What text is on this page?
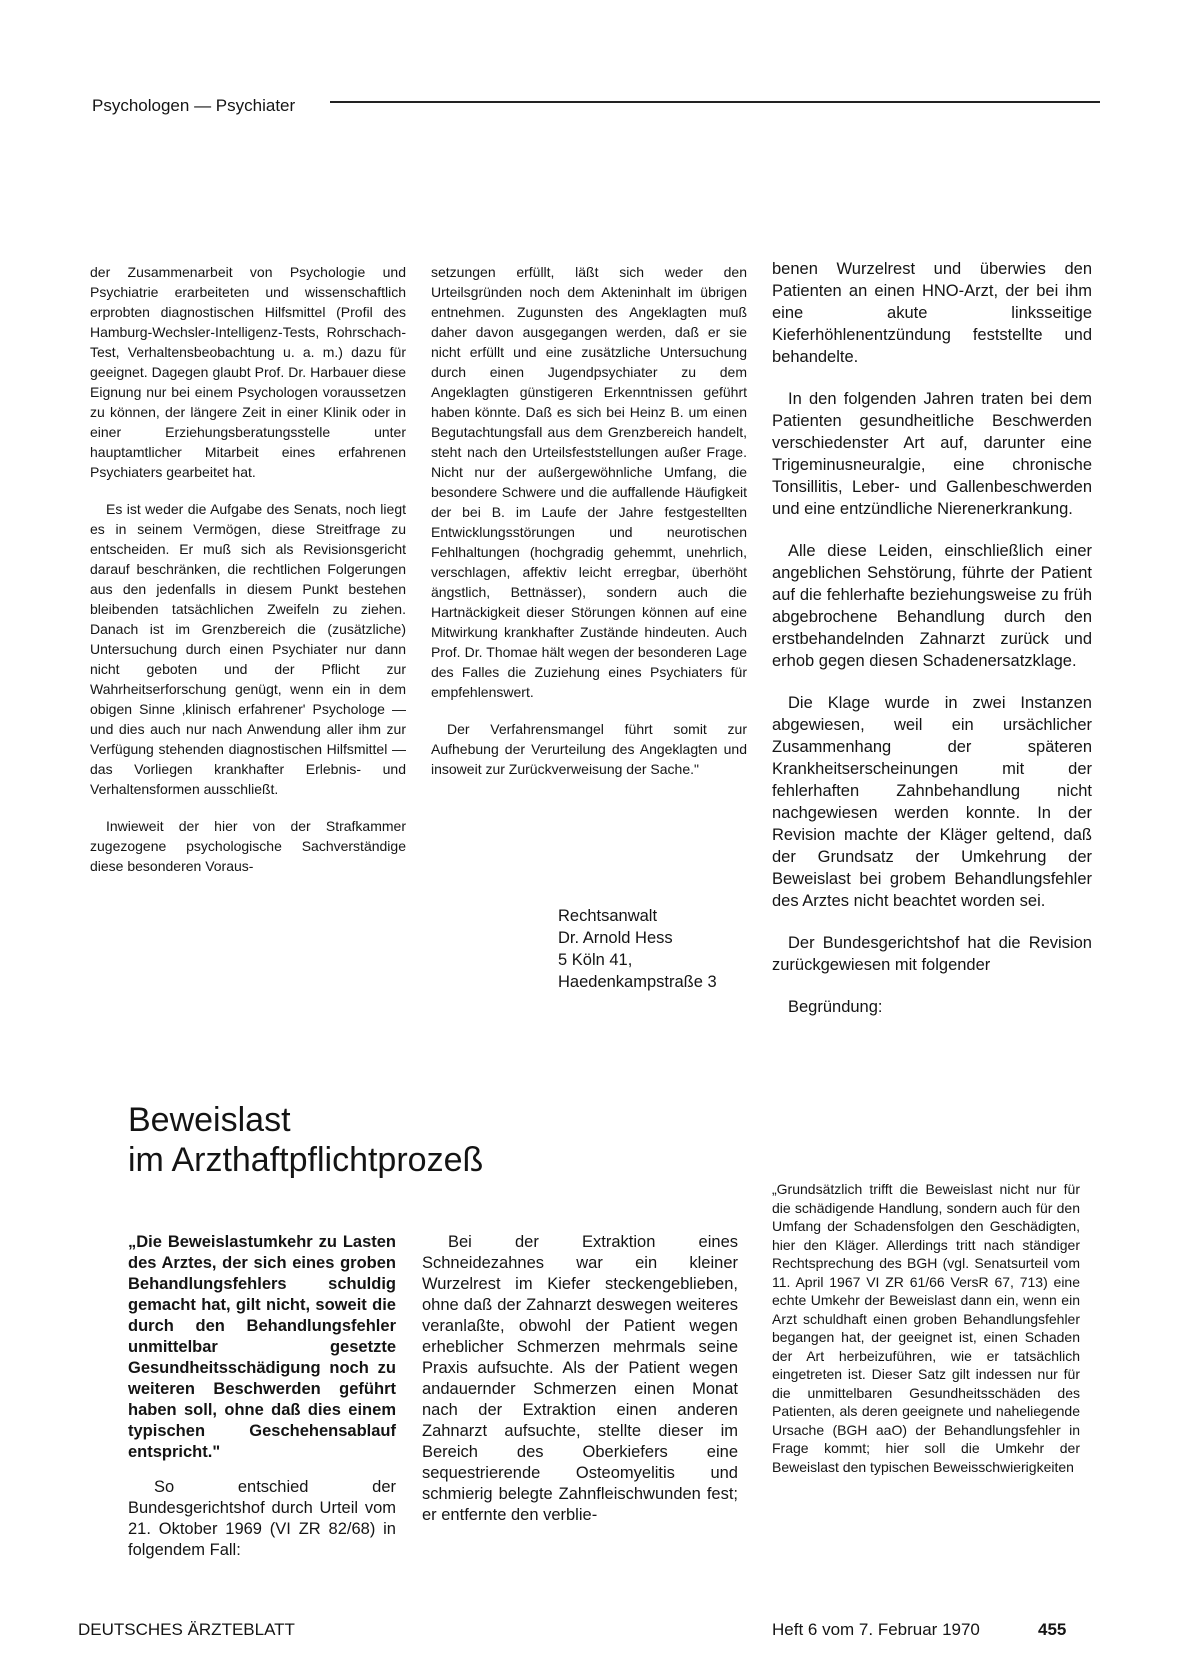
Psychologen — Psychiater

der Zusammenarbeit von Psychologie und Psychiatrie erarbeiteten und wissenschaftlich erprobten diagnostischen Hilfsmittel (Profil des Hamburg-Wechsler-Intelligenz-Tests, Rohrschach-Test, Verhaltensbeobachtung u. a. m.) dazu für geeignet. Dagegen glaubt Prof. Dr. Harbauer diese Eignung nur bei einem Psychologen voraussetzen zu können, der längere Zeit in einer Klinik oder in einer Erziehungsberatungsstelle unter hauptamtlicher Mitarbeit eines erfahrenen Psychiaters gearbeitet hat.

Es ist weder die Aufgabe des Senats, noch liegt es in seinem Vermögen, diese Streitfrage zu entscheiden. Er muß sich als Revisionsgericht darauf beschränken, die rechtlichen Folgerungen aus den jedenfalls in diesem Punkt bestehen bleibenden tatsächlichen Zweifeln zu ziehen. Danach ist im Grenzbereich die (zusätzliche) Untersuchung durch einen Psychiater nur dann nicht geboten und der Pflicht zur Wahrheitserforschung genügt, wenn ein in dem obigen Sinne ‚klinisch erfahrener' Psychologe — und dies auch nur nach Anwendung aller ihm zur Verfügung stehenden diagnostischen Hilfsmittel — das Vorliegen krankhafter Erlebnis- und Verhaltensformen ausschließt.

Inwieweit der hier von der Strafkammer zugezogene psychologische Sachverständige diese besonderen Voraus-

setzungen erfüllt, läßt sich weder den Urteilsgründen noch dem Akteninhalt im übrigen entnehmen. Zugunsten des Angeklagten muß daher davon ausgegangen werden, daß er sie nicht erfüllt und eine zusätzliche Untersuchung durch einen Jugendpsychiater zu dem Angeklagten günstigeren Erkenntnissen geführt haben könnte. Daß es sich bei Heinz B. um einen Begutachtungsfall aus dem Grenzbereich handelt, steht nach den Urteilsfeststellungen außer Frage. Nicht nur der außergewöhnliche Umfang, die besondere Schwere und die auffallende Häufigkeit der bei B. im Laufe der Jahre festgestellten Entwicklungsstörungen und neurotischen Fehlhaltungen (hochgradig gehemmt, unehrlich, verschlagen, affektiv leicht erregbar, überhöht ängstlich, Bettnässer), sondern auch die Hartnäckigkeit dieser Störungen können auf eine Mitwirkung krankhafter Zustände hindeuten. Auch Prof. Dr. Thomae hält wegen der besonderen Lage des Falles die Zuziehung eines Psychiaters für empfehlenswert.

Der Verfahrensmangel führt somit zur Aufhebung der Verurteilung des Angeklagten und insoweit zur Zurückverweisung der Sache."

Rechtsanwalt
Dr. Arnold Hess
5 Köln 41,
Haedenkampstraße 3

benen Wurzelrest und überwies den Patienten an einen HNO-Arzt, der bei ihm eine akute linksseitige Kieferhöhlenentzündung feststellte und behandelte.

In den folgenden Jahren traten bei dem Patienten gesundheitliche Beschwerden verschiedenster Art auf, darunter eine Trigeminusneuralgie, eine chronische Tonsillitis, Leber- und Gallenbeschwerden und eine entzündliche Nierenerkrankung.

Alle diese Leiden, einschließlich einer angeblichen Sehstörung, führte der Patient auf die fehlerhafte beziehungsweise zu früh abgebrochene Behandlung durch den erstbehandelnden Zahnarzt zurück und erhob gegen diesen Schadenersatzklage.

Die Klage wurde in zwei Instanzen abgewiesen, weil ein ursächlicher Zusammenhang der späteren Krankheitserscheinungen mit der fehlerhaften Zahnbehandlung nicht nachgewiesen werden konnte. In der Revision machte der Kläger geltend, daß der Grundsatz der Umkehrung der Beweislast bei grobem Behandlungsfehler des Arztes nicht beachtet worden sei.

Der Bundesgerichtshof hat die Revision zurückgewiesen mit folgender

Begründung:

Beweislast
im Arzthaftpflichtprozeß

„Die Beweislastumkehr zu Lasten des Arztes, der sich eines groben Behandlungsfehlers schuldig gemacht hat, gilt nicht, soweit die durch den Behandlungsfehler unmittelbar gesetzte Gesundheitsschädigung noch zu weiteren Beschwerden geführt haben soll, ohne daß dies einem typischen Geschehensablauf entspricht."

So entschied der Bundesgerichtshof durch Urteil vom 21. Oktober 1969 (VI ZR 82/68) in folgendem Fall:

Bei der Extraktion eines Schneidezahnes war ein kleiner Wurzelrest im Kiefer steckengeblieben, ohne daß der Zahnarzt deswegen weiteres veranlaßte, obwohl der Patient wegen erheblicher Schmerzen mehrmals seine Praxis aufsuchte. Als der Patient wegen andauernder Schmerzen einen Monat nach der Extraktion einen anderen Zahnarzt aufsuchte, stellte dieser im Bereich des Oberkiefers eine sequestrierende Osteomyelitis und schmierig belegte Zahnfleischwunden fest; er entfernte den verblie-

„Grundsätzlich trifft die Beweislast nicht nur für die schädigende Handlung, sondern auch für den Umfang der Schadensfolgen den Geschädigten, hier den Kläger. Allerdings tritt nach ständiger Rechtsprechung des BGH (vgl. Senatsurteil vom 11. April 1967 VI ZR 61/66 VersR 67, 713) eine echte Umkehr der Beweislast dann ein, wenn ein Arzt schuldhaft einen groben Behandlungsfehler begangen hat, der geeignet ist, einen Schaden der Art herbeizuführen, wie er tatsächlich eingetreten ist. Dieser Satz gilt indessen nur für die unmittelbaren Gesundheitsschäden des Patienten, als deren geeignete und naheliegende Ursache (BGH aaO) der Behandlungsfehler in Frage kommt; hier soll die Umkehr der Beweislast den typischen Beweisschwierigkeiten

DEUTSCHES ÄRZTEBLATT	Heft 6 vom 7. Februar 1970	455
